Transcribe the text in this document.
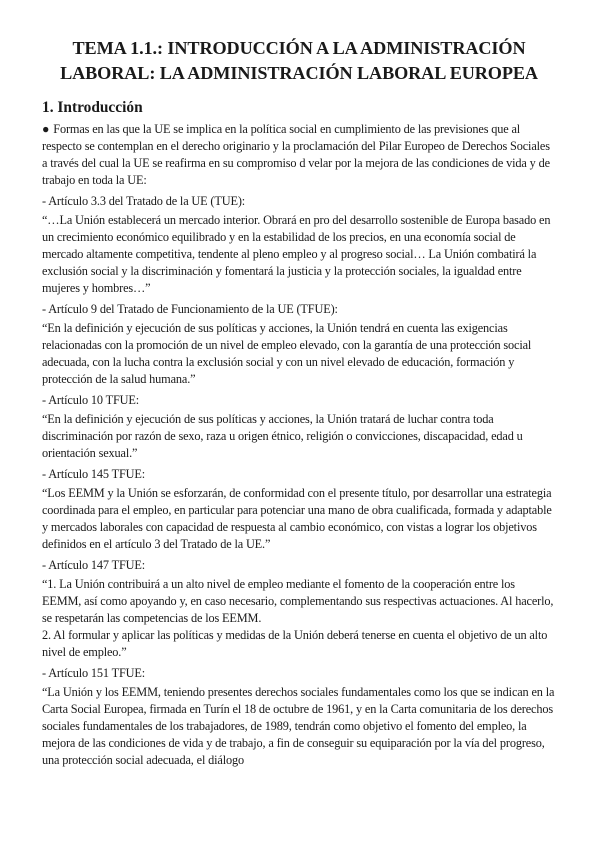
TEMA 1.1.: INTRODUCCIÓN A LA ADMINISTRACIÓN
LABORAL: LA ADMINISTRACIÓN LABORAL EUROPEA
1. Introducción

● Formas en las que la UE se implica en la política social en cumplimiento de las previsiones que al respecto se contemplan en el derecho originario y la proclamación del Pilar Europeo de Derechos Sociales a través del cual la UE se reafirma en su compromiso d velar por la mejora de las condiciones de vida y de trabajo en toda la UE:

- Artículo 3.3 del Tratado de la UE (TUE):

“…La Unión establecerá un mercado interior. Obrará en pro del desarrollo sostenible de Europa basado en un crecimiento económico equilibrado y en la estabilidad de los precios, en una economía social de mercado altamente competitiva, tendente al pleno empleo y al progreso social… La Unión combatirá la exclusión social y la discriminación y fomentará la justicia y la protección sociales, la igualdad entre mujeres y hombres…”

- Artículo 9 del Tratado de Funcionamiento de la UE (TFUE):

“En la definición y ejecución de sus políticas y acciones, la Unión tendrá en cuenta las exigencias relacionadas con la promoción de un nivel de empleo elevado, con la garantía de una protección social adecuada, con la lucha contra la exclusión social y con un nivel elevado de educación, formación y protección de la salud humana.”

- Artículo 10 TFUE:

“En la definición y ejecución de sus políticas y acciones, la Unión tratará de luchar contra toda discriminación por razón de sexo, raza u origen étnico, religión o convicciones, discapacidad, edad u orientación sexual.”

- Artículo 145 TFUE:

“Los EEMM y la Unión se esforzarán, de conformidad con el presente título, por desarrollar una estrategia coordinada para el empleo, en particular para potenciar una mano de obra cualificada, formada y adaptable y mercados laborales con capacidad de respuesta al cambio económico, con vistas a lograr los objetivos definidos en el artículo 3 del Tratado de la UE.”

- Artículo 147 TFUE:

“1. La Unión contribuirá a un alto nivel de empleo mediante el fomento de la cooperación entre los EEMM, así como apoyando y, en caso necesario, complementando sus respectivas actuaciones. Al hacerlo, se respetarán las competencias de los EEMM.

2. Al formular y aplicar las políticas y medidas de la Unión deberá tenerse en cuenta el objetivo de un alto nivel de empleo.”

- Artículo 151 TFUE:

“La Unión y los EEMM, teniendo presentes derechos sociales fundamentales como los que se indican en la Carta Social Europea, firmada en Turín el 18 de octubre de 1961, y en la Carta comunitaria de los derechos sociales fundamentales de los trabajadores, de 1989, tendrán como objetivo el fomento del empleo, la mejora de las condiciones de vida y de trabajo, a fin de conseguir su equiparación por la vía del progreso, una protección social adecuada, el diálogo
